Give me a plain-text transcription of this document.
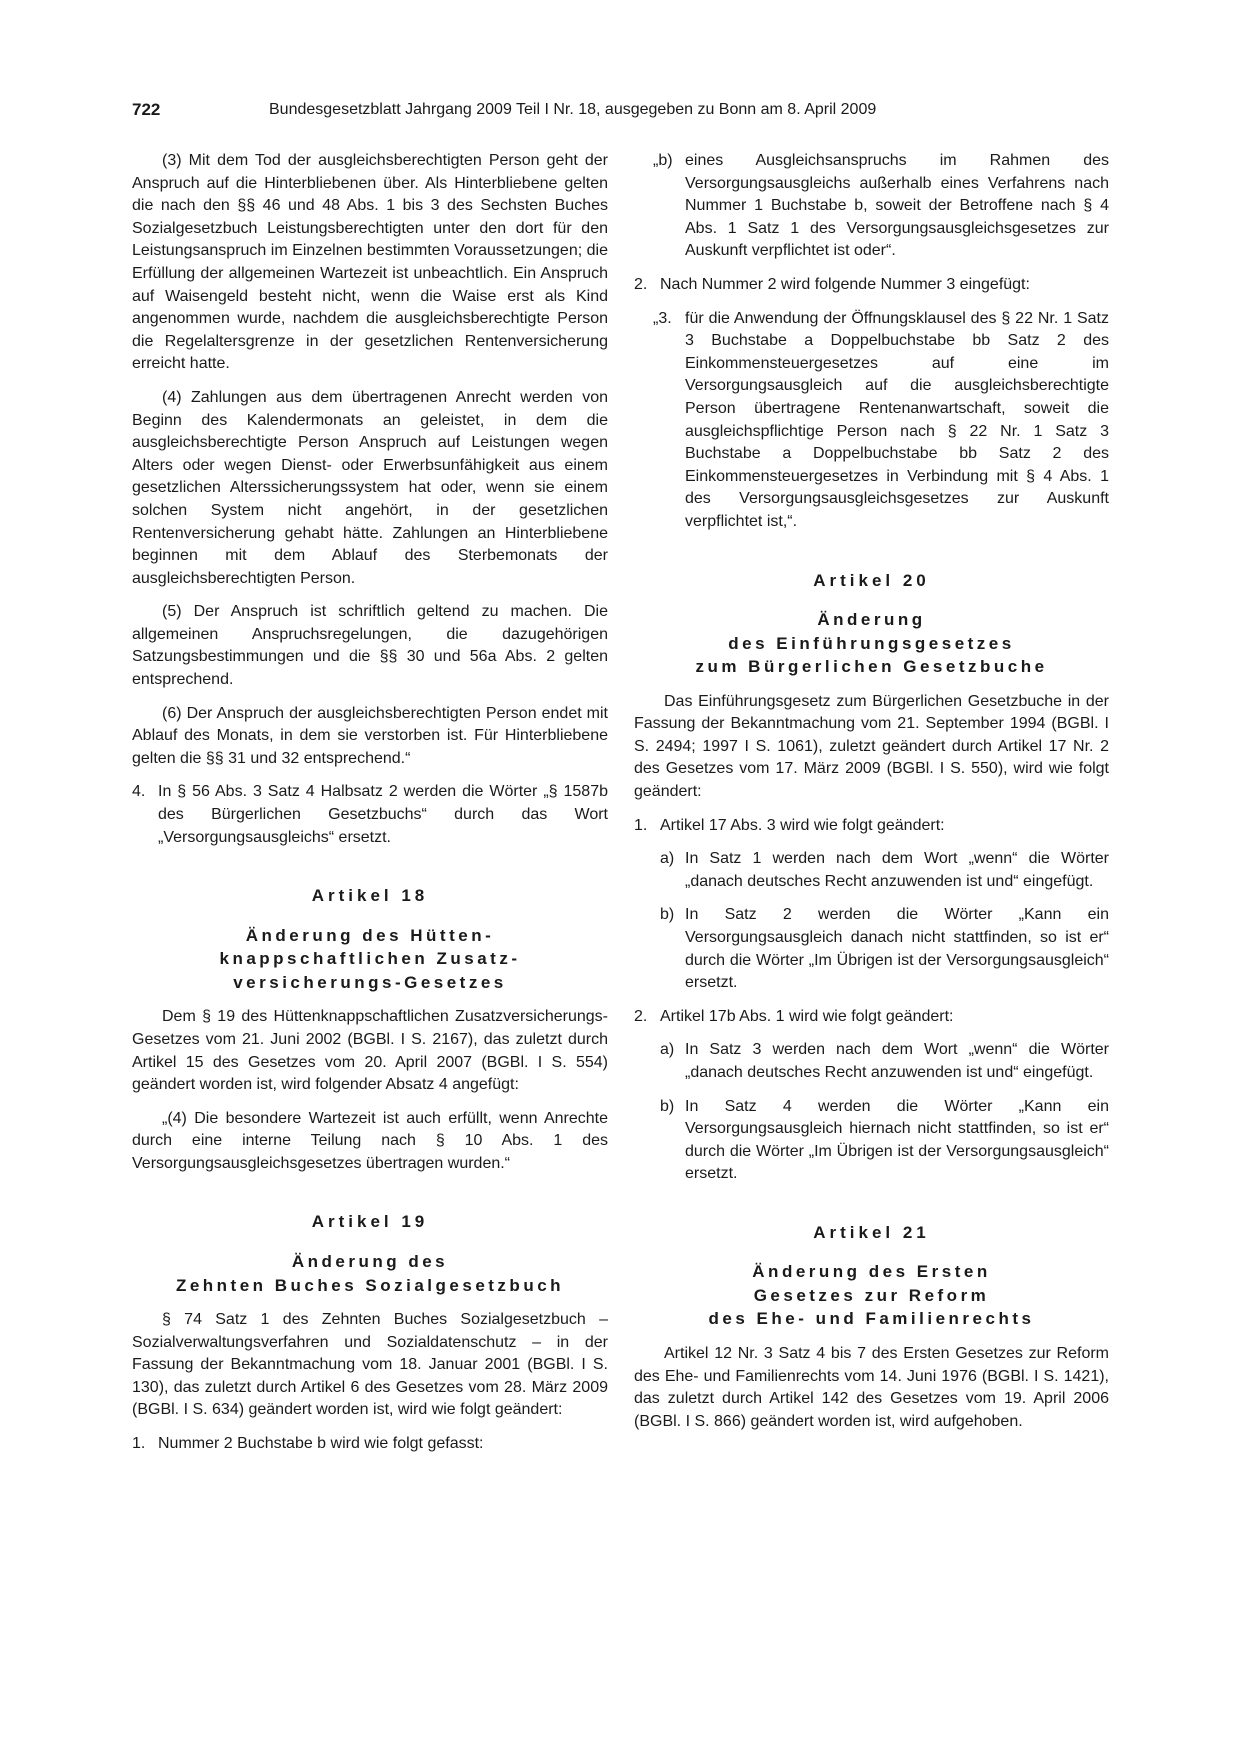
722	Bundesgesetzblatt Jahrgang 2009 Teil I Nr. 18, ausgegeben zu Bonn am 8. April 2009

(3) Mit dem Tod der ausgleichsberechtigten Person geht der Anspruch auf die Hinterbliebenen über. Als Hinterbliebene gelten die nach den §§ 46 und 48 Abs. 1 bis 3 des Sechsten Buches Sozialgesetzbuch Leistungsberechtigten unter den dort für den Leistungsanspruch im Einzelnen bestimmten Voraussetzungen; die Erfüllung der allgemeinen Wartezeit ist unbeachtlich. Ein Anspruch auf Waisengeld besteht nicht, wenn die Waise erst als Kind angenommen wurde, nachdem die ausgleichsberechtigte Person die Regelaltersgrenze in der gesetzlichen Rentenversicherung erreicht hatte.

(4) Zahlungen aus dem übertragenen Anrecht werden von Beginn des Kalendermonats an geleistet, in dem die ausgleichsberechtigte Person Anspruch auf Leistungen wegen Alters oder wegen Dienst- oder Erwerbsunfähigkeit aus einem gesetzlichen Alterssicherungssystem hat oder, wenn sie einem solchen System nicht angehört, in der gesetzlichen Rentenversicherung gehabt hätte. Zahlungen an Hinterbliebene beginnen mit dem Ablauf des Sterbemonats der ausgleichsberechtigten Person.

(5) Der Anspruch ist schriftlich geltend zu machen. Die allgemeinen Anspruchsregelungen, die dazugehörigen Satzungsbestimmungen und die §§ 30 und 56a Abs. 2 gelten entsprechend.

(6) Der Anspruch der ausgleichsberechtigten Person endet mit Ablauf des Monats, in dem sie verstorben ist. Für Hinterbliebene gelten die §§ 31 und 32 entsprechend.“

4. In § 56 Abs. 3 Satz 4 Halbsatz 2 werden die Wörter „§ 1587b des Bürgerlichen Gesetzbuchs“ durch das Wort „Versorgungsausgleichs“ ersetzt.

Artikel 18
Änderung des Hütten-
knappschaftlichen Zusatz-
versicherungs-Gesetzes

Dem § 19 des Hüttenknappschaftlichen Zusatzversicherungs-Gesetzes vom 21. Juni 2002 (BGBl. I S. 2167), das zuletzt durch Artikel 15 des Gesetzes vom 20. April 2007 (BGBl. I S. 554) geändert worden ist, wird folgender Absatz 4 angefügt:

„(4) Die besondere Wartezeit ist auch erfüllt, wenn Anrechte durch eine interne Teilung nach § 10 Abs. 1 des Versorgungsausgleichsgesetzes übertragen wurden.“

Artikel 19
Änderung des
Zehnten Buches Sozialgesetzbuch

§ 74 Satz 1 des Zehnten Buches Sozialgesetzbuch – Sozialverwaltungsverfahren und Sozialdatenschutz – in der Fassung der Bekanntmachung vom 18. Januar 2001 (BGBl. I S. 130), das zuletzt durch Artikel 6 des Gesetzes vom 28. März 2009 (BGBl. I S. 634) geändert worden ist, wird wie folgt geändert:

1. Nummer 2 Buchstabe b wird wie folgt gefasst:

„b) eines Ausgleichsanspruchs im Rahmen des Versorgungsausgleichs außerhalb eines Verfahrens nach Nummer 1 Buchstabe b, soweit der Betroffene nach § 4 Abs. 1 Satz 1 des Versorgungsausgleichsgesetzes zur Auskunft verpflichtet ist oder“.

2. Nach Nummer 2 wird folgende Nummer 3 eingefügt:

„3. für die Anwendung der Öffnungsklausel des § 22 Nr. 1 Satz 3 Buchstabe a Doppelbuchstabe bb Satz 2 des Einkommensteuergesetzes auf eine im Versorgungsausgleich auf die ausgleichsberechtigte Person übertragene Rentenanwartschaft, soweit die ausgleichspflichtige Person nach § 22 Nr. 1 Satz 3 Buchstabe a Doppelbuchstabe bb Satz 2 des Einkommensteuergesetzes in Verbindung mit § 4 Abs. 1 des Versorgungsausgleichsgesetzes zur Auskunft verpflichtet ist,“.

Artikel 20
Änderung
des Einführungsgesetzes
zum Bürgerlichen Gesetzbuche

Das Einführungsgesetz zum Bürgerlichen Gesetzbuche in der Fassung der Bekanntmachung vom 21. September 1994 (BGBl. I S. 2494; 1997 I S. 1061), zuletzt geändert durch Artikel 17 Nr. 2 des Gesetzes vom 17. März 2009 (BGBl. I S. 550), wird wie folgt geändert:

1. Artikel 17 Abs. 3 wird wie folgt geändert:

a) In Satz 1 werden nach dem Wort „wenn“ die Wörter „danach deutsches Recht anzuwenden ist und“ eingefügt.

b) In Satz 2 werden die Wörter „Kann ein Versorgungsausgleich danach nicht stattfinden, so ist er“ durch die Wörter „Im Übrigen ist der Versorgungsausgleich“ ersetzt.

2. Artikel 17b Abs. 1 wird wie folgt geändert:

a) In Satz 3 werden nach dem Wort „wenn“ die Wörter „danach deutsches Recht anzuwenden ist und“ eingefügt.

b) In Satz 4 werden die Wörter „Kann ein Versorgungsausgleich hiernach nicht stattfinden, so ist er“ durch die Wörter „Im Übrigen ist der Versorgungsausgleich“ ersetzt.

Artikel 21
Änderung des Ersten
Gesetzes zur Reform
des Ehe- und Familienrechts

Artikel 12 Nr. 3 Satz 4 bis 7 des Ersten Gesetzes zur Reform des Ehe- und Familienrechts vom 14. Juni 1976 (BGBl. I S. 1421), das zuletzt durch Artikel 142 des Gesetzes vom 19. April 2006 (BGBl. I S. 866) geändert worden ist, wird aufgehoben.
